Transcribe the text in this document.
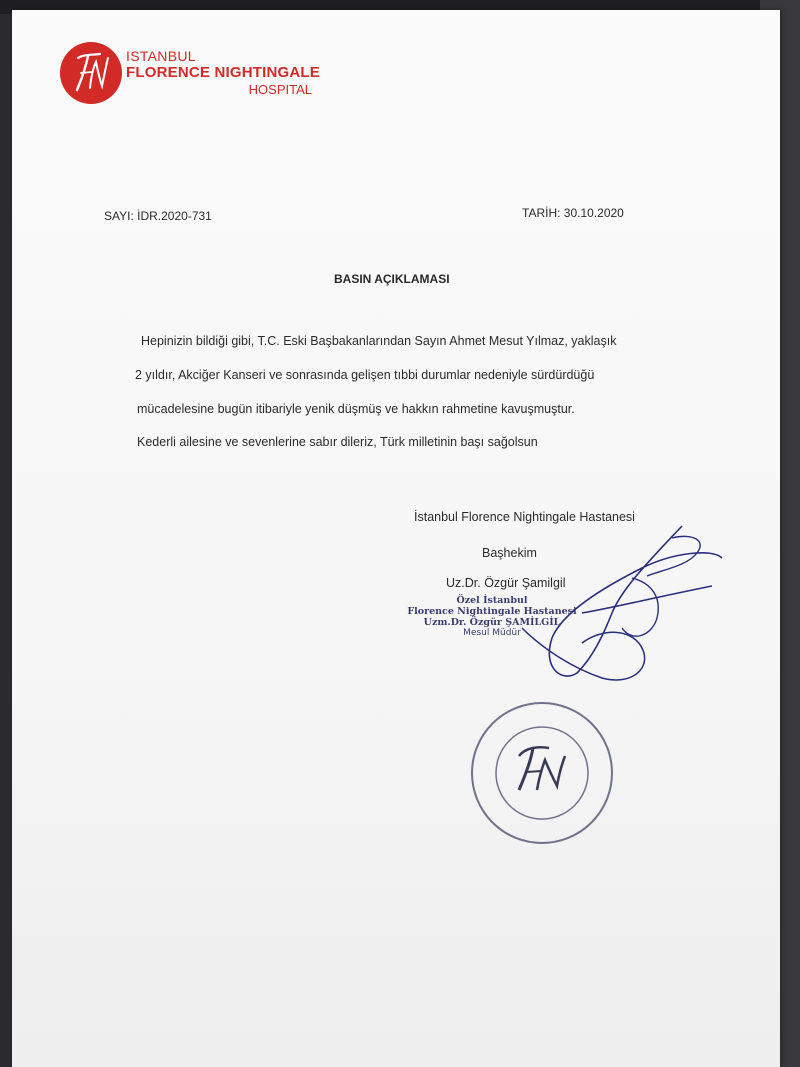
ISTANBUL
FLORENCE NIGHTINGALE
HOSPITAL
SAYI: İDR.2020-731	TARİH: 30.10.2020
BASIN AÇIKLAMASI
Hepinizin bildiği gibi, T.C. Eski Başbakanlarından Sayın Ahmet Mesut Yılmaz, yaklaşık
2 yıldır, Akciğer Kanseri ve sonrasında gelişen tıbbi durumlar nedeniyle sürdürdüğü
mücadelesine bugün itibariyle yenik düşmüş ve hakkın rahmetine kavuşmuştur.
Kederli ailesine ve sevenlerine sabır dileriz, Türk milletinin başı sağolsun
İstanbul Florence Nightingale Hastanesi
Başhekim
Uz.Dr. Özgür Şamilgil
Özel İstanbul
Florence Nightingale Hastanesi
Uzm.Dr. Özgür ŞAMİLGİL
Mesul Müdür
